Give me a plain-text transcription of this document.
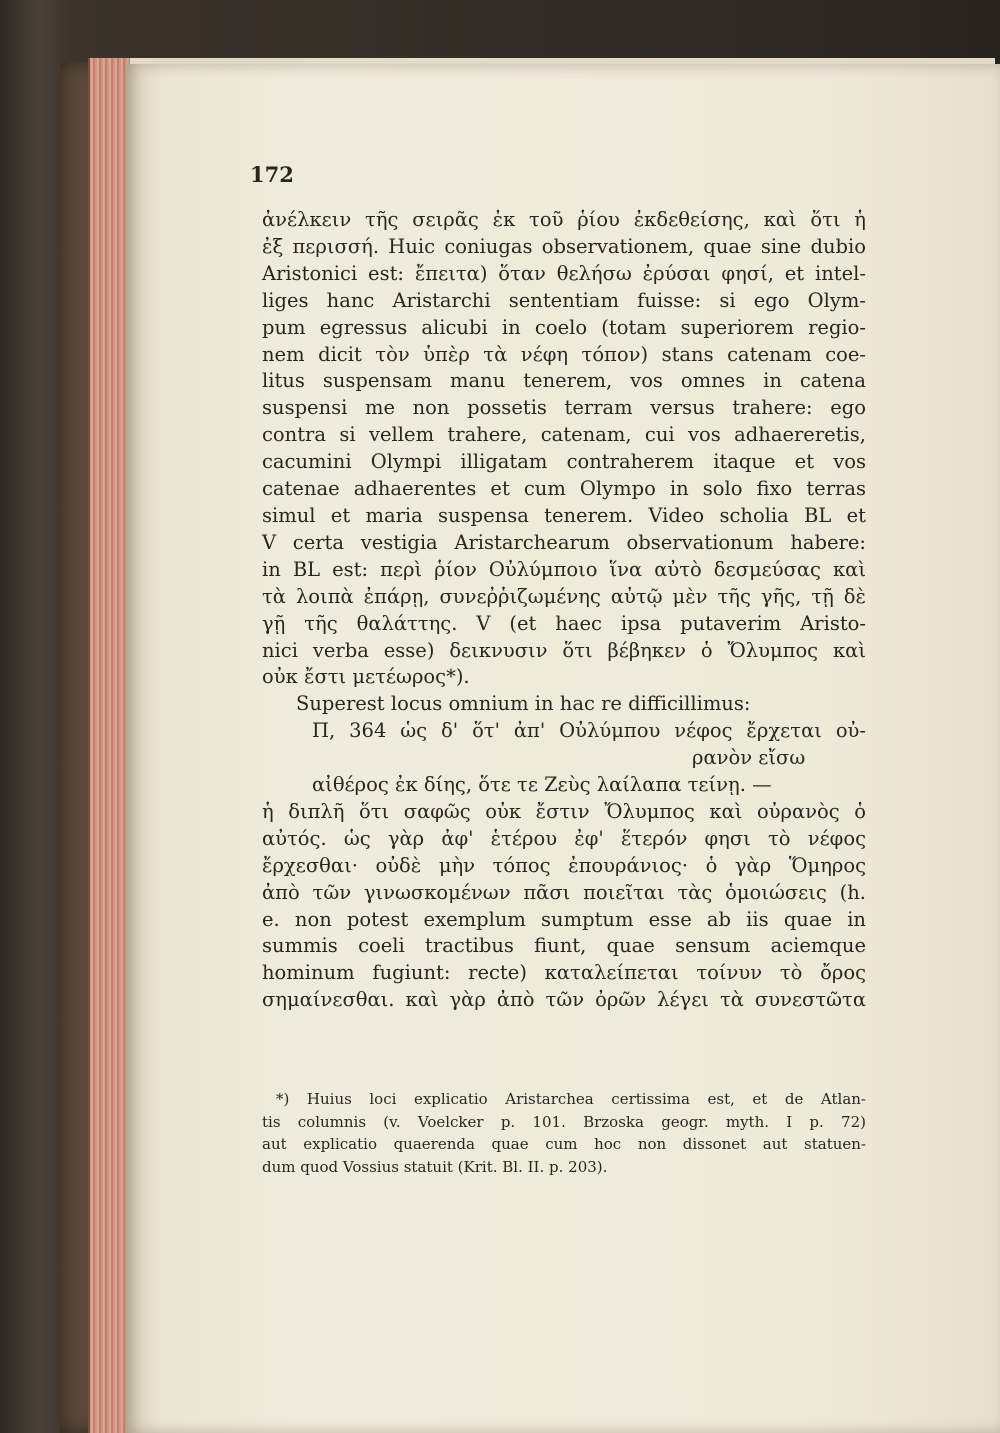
172
ἀνέλκειν τῆς σειρᾶς ἐκ τοῦ ῥίου ἐκδεθείσης, καὶ ὅτι ἡ
ἐξ περισσή. Huic coniugas observationem, quae sine dubio
Aristonici est: ἔπειτα) ὅταν θελήσω ἐρύσαι φησί, et intel-
liges hanc Aristarchi sententiam fuisse: si ego Olym-
pum egressus alicubi in coelo (totam superiorem regio-
nem dicit τὸν ὑπὲρ τὰ νέφη τόπον) stans catenam coe-
litus suspensam manu tenerem, vos omnes in catena
suspensi me non possetis terram versus trahere: ego
contra si vellem trahere, catenam, cui vos adhaereretis,
cacumini Olympi illigatam contraherem itaque et vos
catenae adhaerentes et cum Olympo in solo fixo terras
simul et maria suspensa tenerem. Video scholia BL et
V certa vestigia Aristarchearum observationum habere:
in BL est: περὶ ῥίον Οὐλύμποιο ἵνα αὐτὸ δεσμεύσας καὶ
τὰ λοιπὰ ἐπάρῃ, συνεῤῥιζωμένης αὐτῷ μὲν τῆς γῆς, τῇ δὲ
γῇ τῆς θαλάττης. V (et haec ipsa putaverim Aristo-
nici verba esse) δεικνυσιν ὅτι βέβηκεν ὁ Ὄλυμπος καὶ
οὐκ ἔστι μετέωρος*).
Superest locus omnium in hac re difficillimus:
Π, 364 ὡς δ' ὅτ' ἀπ' Οὐλύμπου νέφος ἔρχεται οὐ-
ρανὸν εἴσω
αἰθέρος ἐκ δίης, ὅτε τε Ζεὺς λαίλαπα τείνῃ. —
ἡ διπλῆ ὅτι σαφῶς οὐκ ἔστιν Ὄλυμπος καὶ οὐρανὸς ὁ
αὐτός. ὡς γὰρ ἀφ' ἑτέρου ἐφ' ἕτερόν φησι τὸ νέφος
ἔρχεσθαι· οὐδὲ μὴν τόπος ἐπουράνιος· ὁ γὰρ Ὅμηρος
ἀπὸ τῶν γινωσκομένων πᾶσι ποιεῖται τὰς ὁμοιώσεις (h.
e. non potest exemplum sumptum esse ab iis quae in
summis coeli tractibus fiunt, quae sensum aciemque
hominum fugiunt: recte) καταλείπεται τοίνυν τὸ ὄρος
σημαίνεσθαι. καὶ γὰρ ἀπὸ τῶν ὀρῶν λέγει τὰ συνεστῶτα
*) Huius loci explicatio Aristarchea certissima est, et de Atlan-
tis columnis (v. Voelcker p. 101. Brzoska geogr. myth. I p. 72)
aut explicatio quaerenda quae cum hoc non dissonet aut statuen-
dum quod Vossius statuit (Krit. Bl. II. p. 203).
